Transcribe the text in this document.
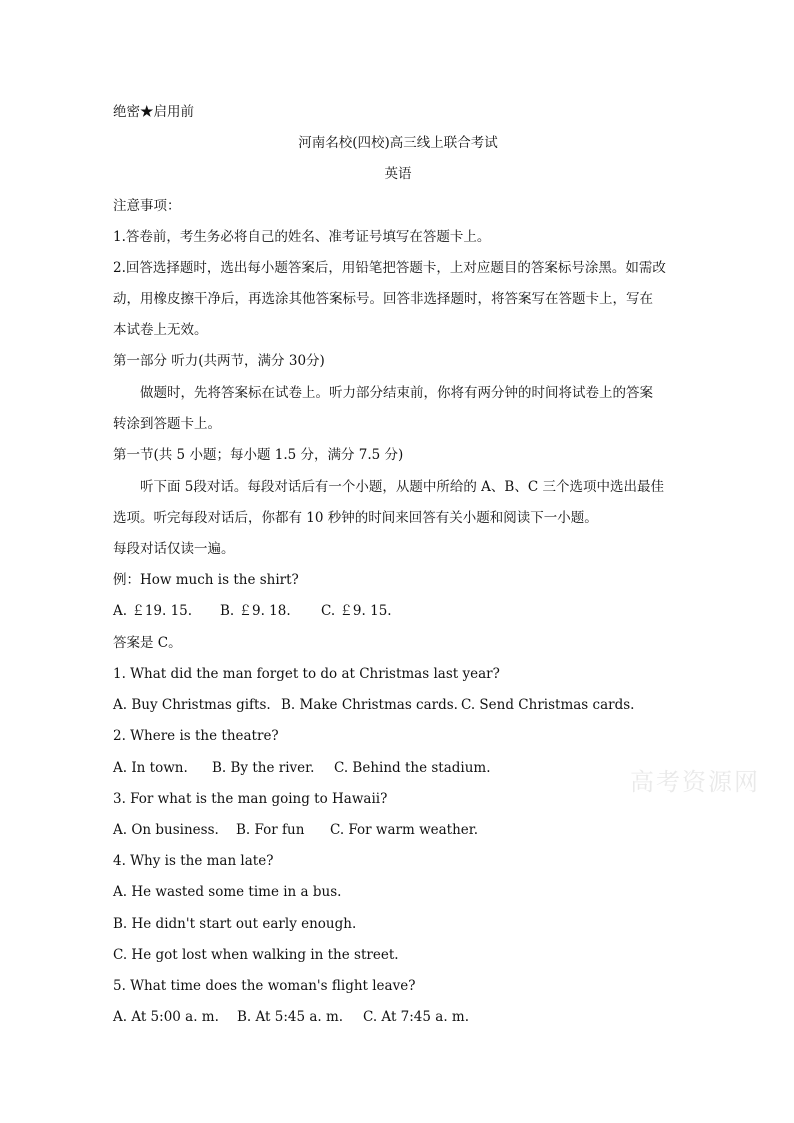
绝密★启用前
河南名校(四校)高三线上联合考试
英语
注意事项：
1.答卷前，考生务必将自己的姓名、准考证号填写在答题卡上。
2.回答选择题时，选出每小题答案后，用铅笔把答题卡，上对应题目的答案标号涂黑。如需改
动，用橡皮擦干净后，再选涂其他答案标号。回答非选择题时，将答案写在答题卡上，写在
本试卷上无效。
第一部分 听力(共两节，满分 30分)
做题时，先将答案标在试卷上。听力部分结束前，你将有两分钟的时间将试卷上的答案
转涂到答题卡上。
第一节(共 5 小题；每小题 1.5 分，满分 7.5 分)
听下面 5段对话。每段对话后有一个小题，从题中所给的 A、B、C 三个选项中选出最佳
选项。听完每段对话后，你都有 10 秒钟的时间来回答有关小题和阅读下一小题。
每段对话仅读一遍。
例：How much is the shirt?
A. ￡19. 15. B. ￡9. 18. C. ￡9. 15.
答案是 C。
1. What did the man forget to do at Christmas last year?
A. Buy Christmas gifts. B. Make Christmas cards. C. Send Christmas cards.
2. Where is the theatre?
A. In town. B. By the river. C. Behind the stadium.
3. For what is the man going to Hawaii?
A. On business. B. For fun C. For warm weather.
4. Why is the man late?
A. He wasted some time in a bus.
B. He didn't start out early enough.
C. He got lost when walking in the street.
5. What time does the woman's flight leave?
A. At 5:00 a. m. B. At 5:45 a. m. C. At 7:45 a. m.
高考资源网
